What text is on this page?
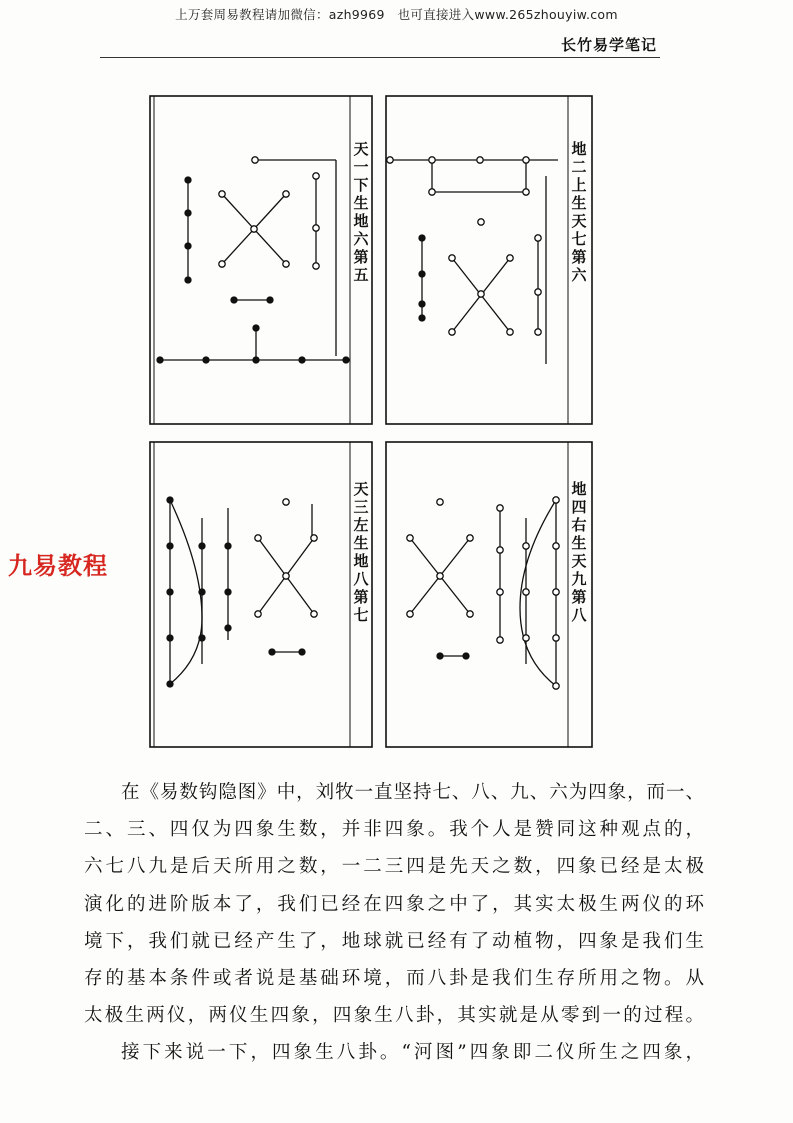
上万套周易教程请加微信：azh9969　也可直接进入www.265zhouyiw.com
长竹易学笔记
九易教程
天
一
下
生
地
六
第
五
地
二
上
生
天
七
第
六
天
三
左
生
地
八
第
七
地
四
右
生
天
九
第
八

在《易数钩隐图》中，刘牧一直坚持七、八、九、六为四象，而一、

二、三、四仅为四象生数，并非四象。我个人是赞同这种观点的，

六七八九是后天所用之数，一二三四是先天之数，四象已经是太极

演化的进阶版本了，我们已经在四象之中了，其实太极生两仪的环

境下，我们就已经产生了，地球就已经有了动植物，四象是我们生

存的基本条件或者说是基础环境，而八卦是我们生存所用之物。从

太极生两仪，两仪生四象，四象生八卦，其实就是从零到一的过程。

接下来说一下，四象生八卦。“河图”四象即二仪所生之四象，
